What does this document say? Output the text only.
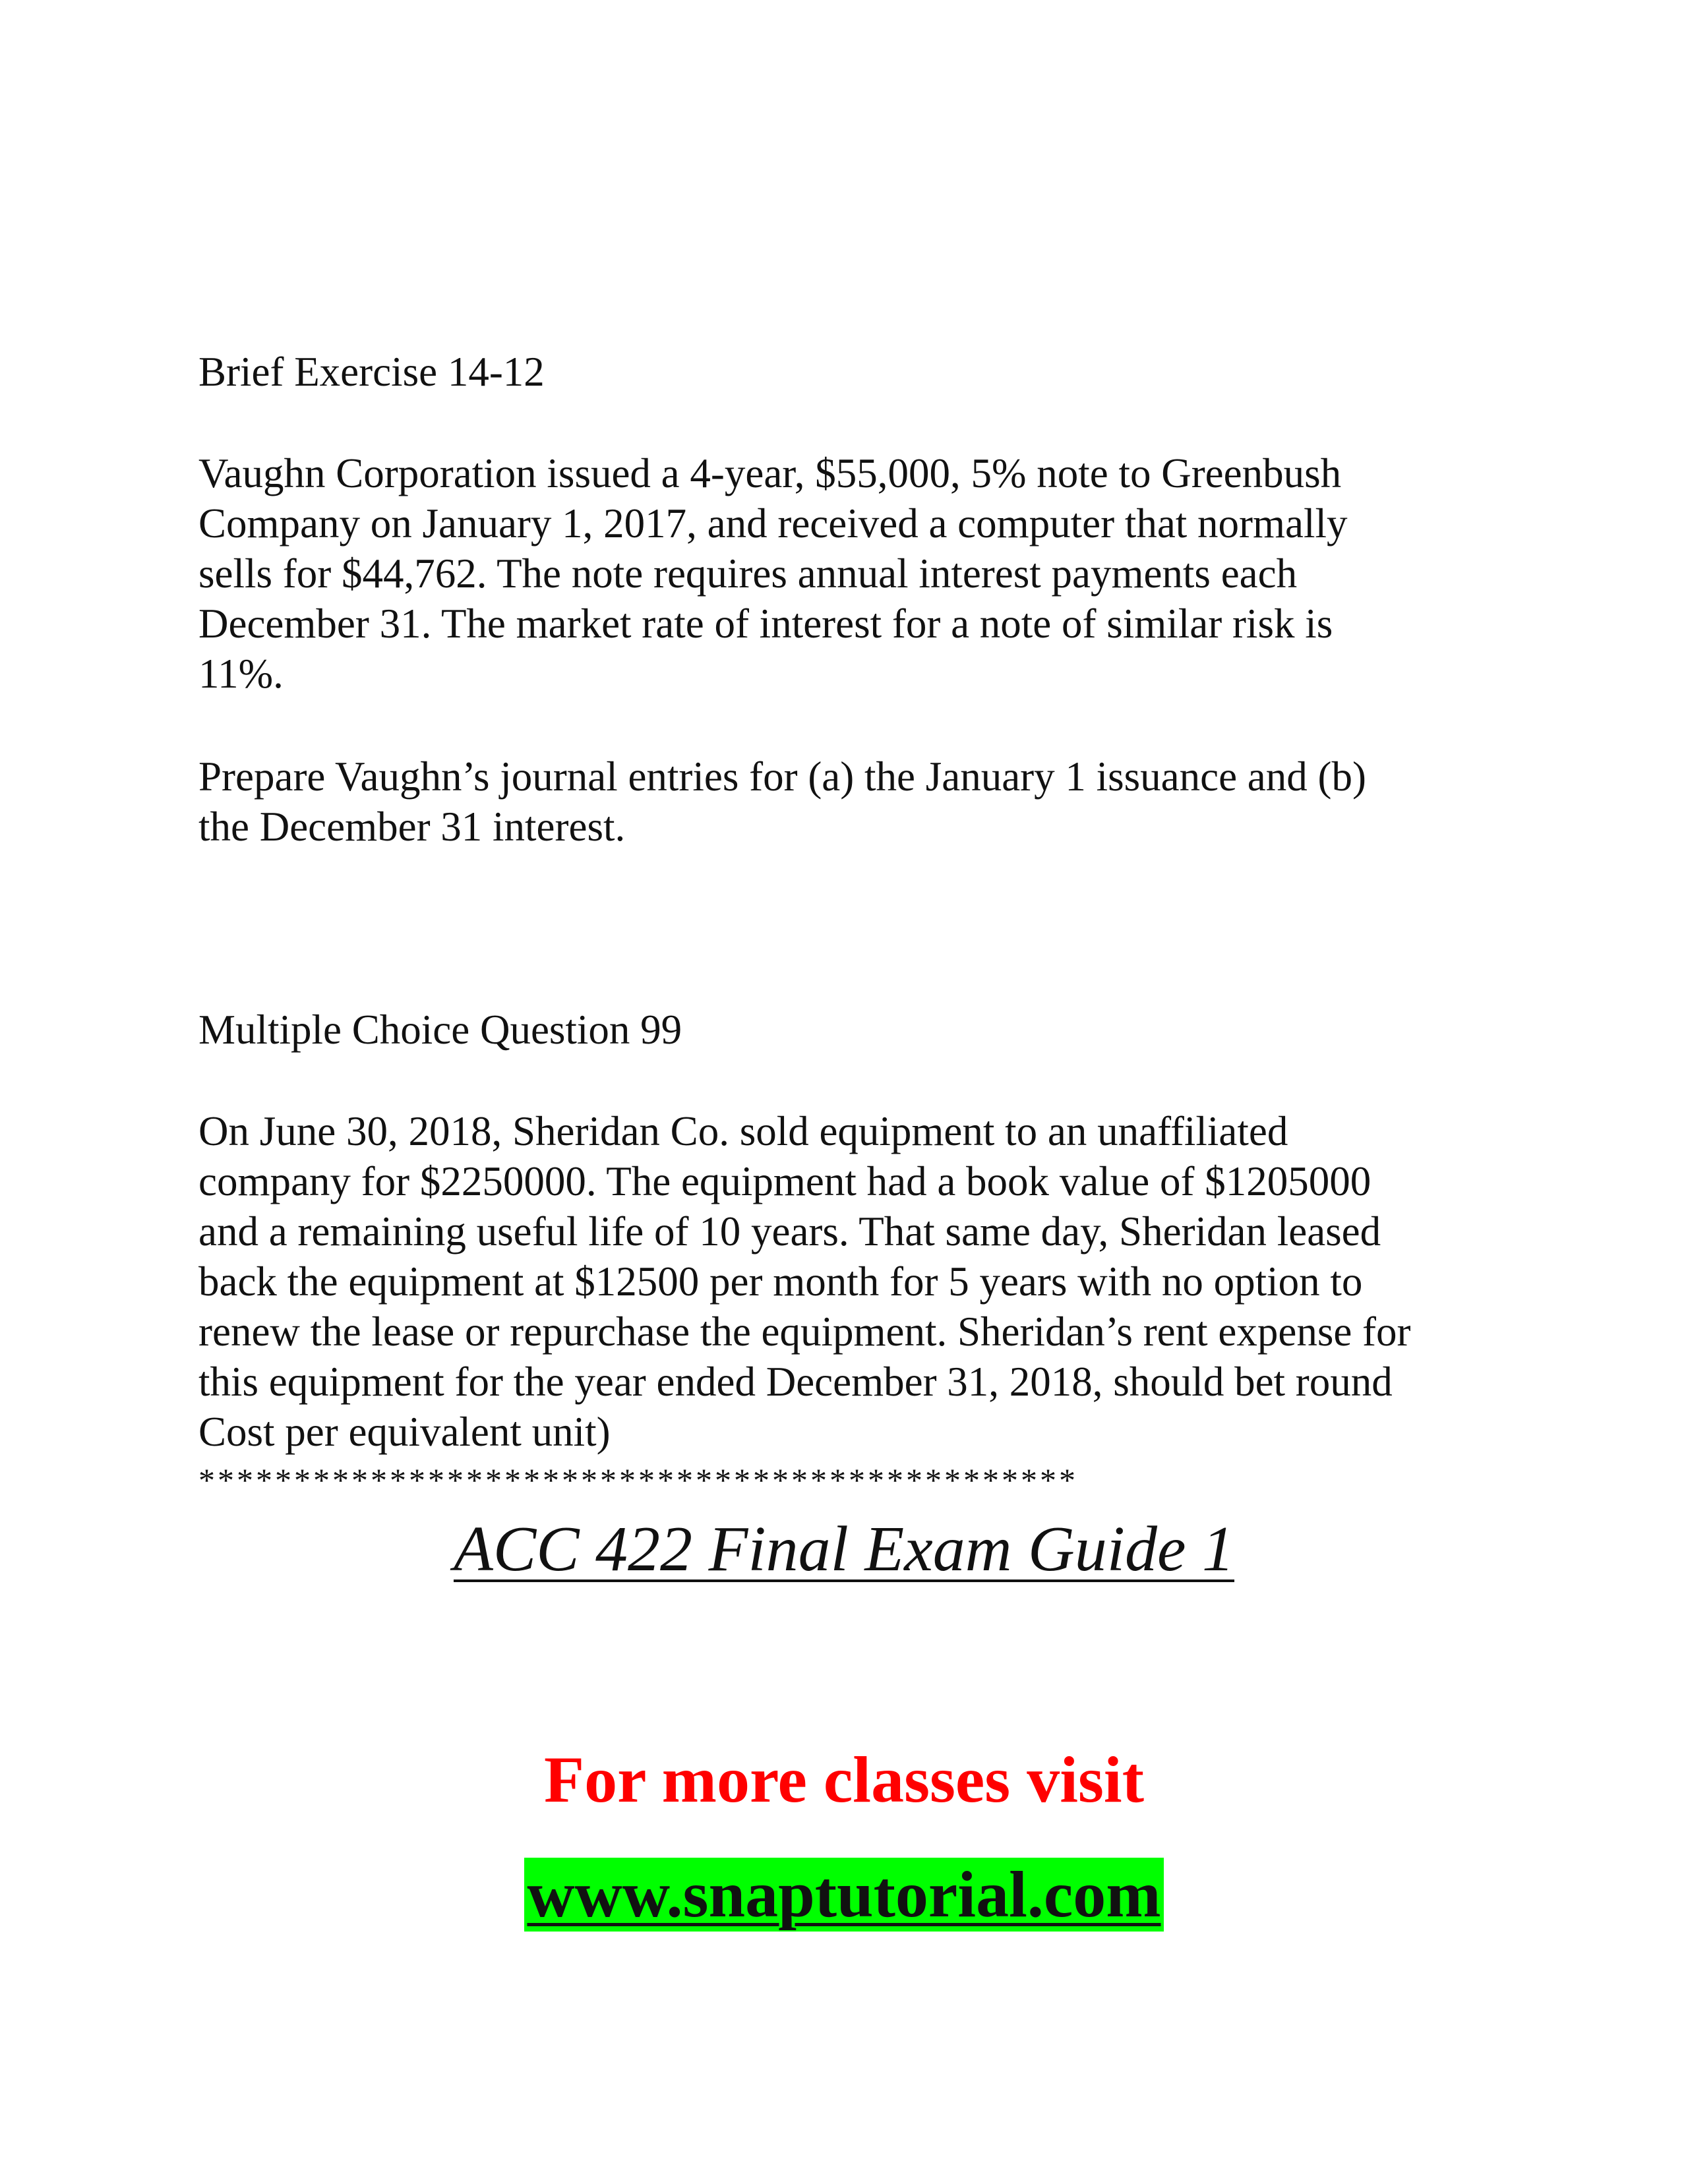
Brief Exercise 14-12
Vaughn Corporation issued a 4-year, $55,000, 5% note to Greenbush
Company on January 1, 2017, and received a computer that normally
sells for $44,762. The note requires annual interest payments each
December 31. The market rate of interest for a note of similar risk is
11%.
Prepare Vaughn’s journal entries for (a) the January 1 issuance and (b)
the December 31 interest.
Multiple Choice Question 99
On June 30, 2018, Sheridan Co. sold equipment to an unaffiliated
company for $2250000. The equipment had a book value of $1205000
and a remaining useful life of 10 years. That same day, Sheridan leased
back the equipment at $12500 per month for 5 years with no option to
renew the lease or repurchase the equipment. Sheridan’s rent expense for
this equipment for the year ended December 31, 2018, should bet round
Cost per equivalent unit)
**********************************************
ACC 422 Final Exam Guide 1
For more classes visit
www.snaptutorial.com
